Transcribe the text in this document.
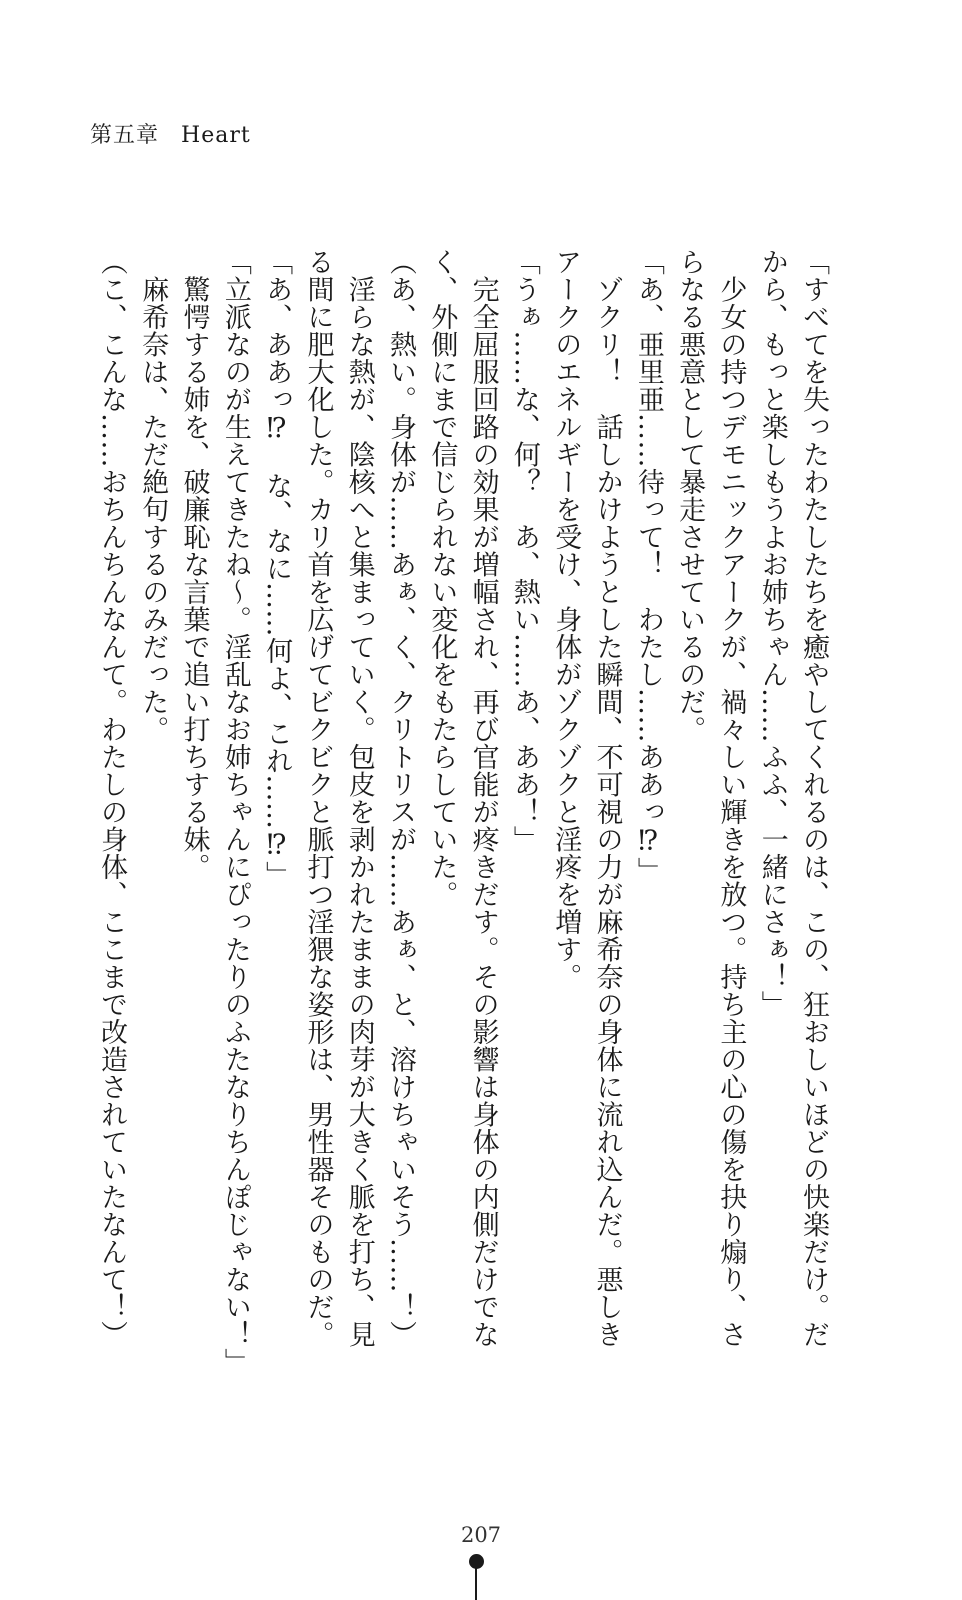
第五章 Heart
「すべてを失ったわたしたちを癒やしてくれるのは、この、狂おしいほどの快楽だけ。だ
から、もっと楽しもうよお姉ちゃん……ふふ、一緒にさぁ！」
　少女の持つデモニックアークが、禍々しい輝きを放つ。持ち主の心の傷を抉り煽り、さ
らなる悪意として暴走させているのだ。
「あ、亜里亜……待って！　わたし……ああっ⁉」
　ゾクリ！　話しかけようとした瞬間、不可視の力が麻希奈の身体に流れ込んだ。悪しき
アークのエネルギーを受け、身体がゾクゾクと淫疼を増す。
「うぁ……な、何？　あ、熱い……あ、ああ！」
　完全屈服回路の効果が増幅され、再び官能が疼きだす。その影響は身体の内側だけでな
く、外側にまで信じられない変化をもたらしていた。
（あ、熱い。身体が……あぁ、く、クリトリスが……あぁ、と、溶けちゃいそう……！）
　淫らな熱が、陰核へと集まっていく。包皮を剥かれたままの肉芽が大きく脈を打ち、見
る間に肥大化した。カリ首を広げてビクビクと脈打つ淫猥な姿形は、男性器そのものだ。
「あ、ああっ⁉　な、なに……何よ、これ……⁉」
「立派なのが生えてきたね～。淫乱なお姉ちゃんにぴったりのふたなりちんぽじゃない！」
　驚愕する姉を、破廉恥な言葉で追い打ちする妹。
　麻希奈は、ただ絶句するのみだった。
（こ、こんな……おちんちんなんて。わたしの身体、ここまで改造されていたなんて！）
207
